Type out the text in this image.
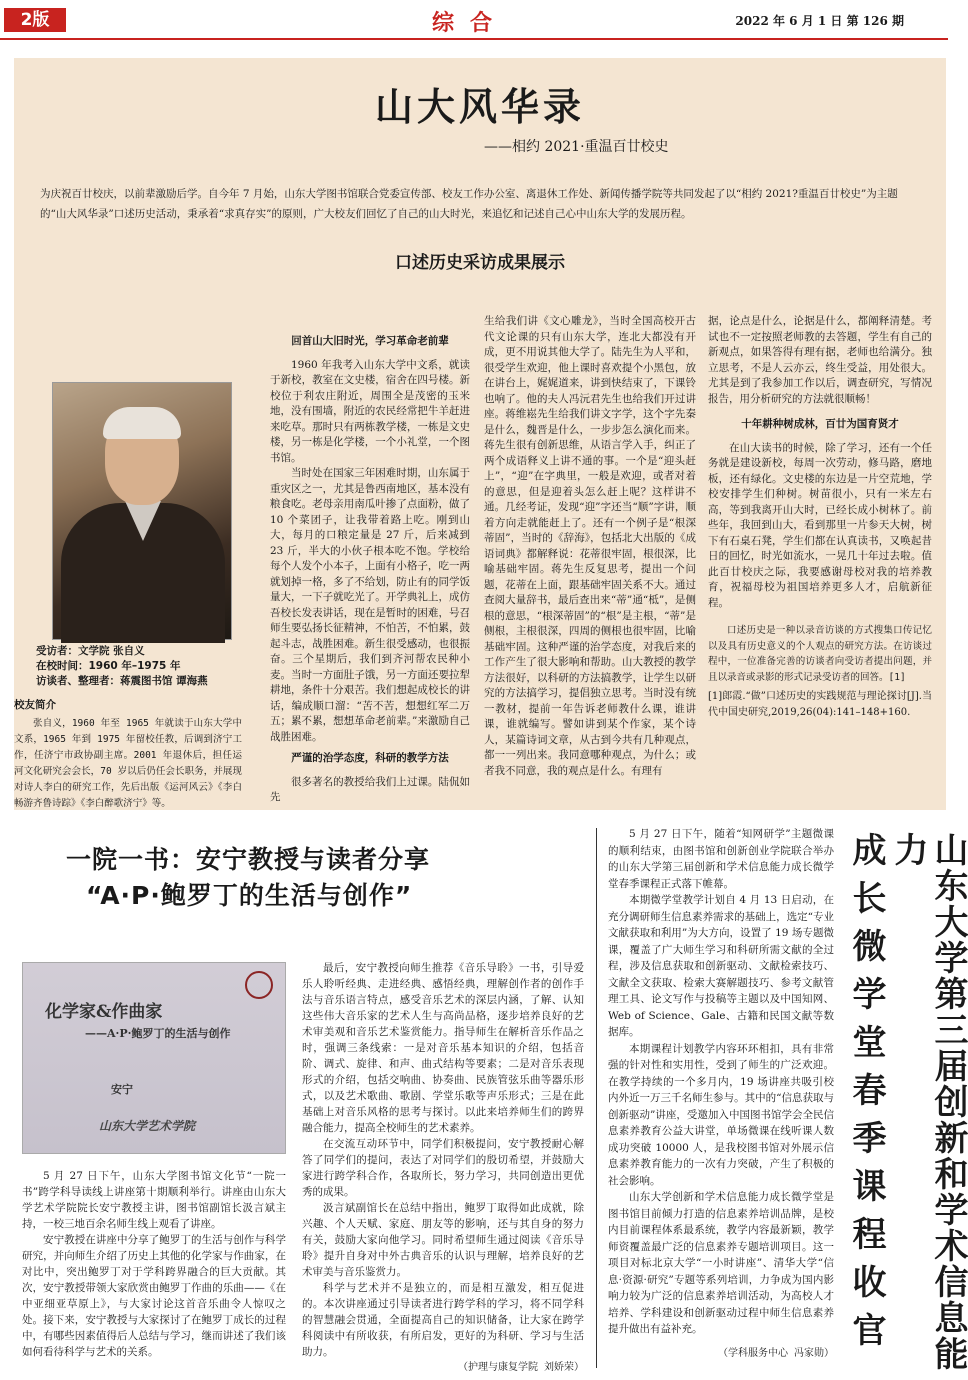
2版	综合	2022 年 6 月 1 日 第 126 期
山大风华录
——相约 2021·重温百廿校史
为庆祝百廿校庆，以前辈激励后学。自今年 7 月始，山东大学图书馆联合党委宣传部、校友工作办公室、离退休工作处、新闻传播学院等共同发起了以“相约 2021?重温百廿校史”为主题的“山大风华录”口述历史活动，秉承着“求真存实”的原则，广大校友们回忆了自己的山大时光，来追忆和记述自己心中山东大学的发展历程。
口述历史采访成果展示
受访者：文学院 张自义
在校时间：1960 年–1975 年
访谈者、整理者：蒋震图书馆 谭海燕
校友简介
张自义，1960 年至 1965 年就读于山东大学中文系，1965 年到 1975 年留校任教，后调到济宁工作，任济宁市政协副主席。2001 年退休后，担任运河文化研究会会长，70 岁以后仍任会长职务，并展现对诗人李白的研究工作，先后出版《运河风云》《李白畅游齐鲁诗踪》《李白醉歌济宁》等。

回首山大旧时光，学习革命老前辈

1960 年我考入山东大学中文系，就读于新校，教室在文史楼，宿舍在四号楼。新校位于利农庄附近，周围全是茂密的玉米地，没有围墙，附近的农民经常把牛羊赶进来吃草。那时只有两栋教学楼，一栋是文史楼，另一栋是化学楼，一个小礼堂，一个图书馆。

当时处在国家三年困难时期，山东属于重灾区之一，尤其是鲁西南地区，基本没有粮食吃。老母亲用南瓜叶掺了点面粉，做了 10 个菜团子，让我带着路上吃。刚到山大，每月的口粮定量是 27 斤，后来减到 23 斤，半大的小伙子根本吃不饱。学校给每个人发个小本子，上面有小格子，吃一两就划掉一格，多了不给划，防止有的同学饭量大，一下子就吃光了。开学典礼上，成仿吾校长发表讲话，现在是暂时的困难，号召师生要弘扬长征精神，不怕苦，不怕累，鼓起斗志，战胜困难。新生很受感动，也很振奋。三个星期后，我们到齐河帮农民种小麦。当时一方面肚子饿，另一方面还要拉犁耕地，条件十分艰苦。我们想起成校长的讲话，编成顺口溜：“苦不苦，想想红军二万五；累不累，想想革命老前辈。”来激励自己战胜困难。

严谨的治学态度，科研的教学方法

很多著名的教授给我们上过课。陆侃如先

生给我们讲《文心雕龙》，当时全国高校开古代文论课的只有山东大学，连北大都没有开成，更不用说其他大学了。陆先生为人平和，很受学生欢迎，他上课时喜欢提个小黑包，放在讲台上，娓娓道来，讲到快结束了，下课铃也响了。他的夫人冯沅君先生也给我们开过讲座。蒋维崧先生给我们讲文字学，这个字先秦是什么，魏晋是什么，一步步怎么演化而来。蒋先生很有创新思维，从语言学入手，纠正了两个成语释义上讲不通的事。一个是“迎头赶上”，“迎”在字典里，一般是欢迎，或者对着的意思，但是迎着头怎么赶上呢？这样讲不通。几经考证，发现“迎”字还当“顺”字讲，顺着方向走就能赶上了。还有一个例子是“根深蒂固”，当时的《辞海》，包括北大出版的《成语词典》都解释说：花蒂很牢固，根很深，比喻基础牢固。蒋先生反复思考，提出一个问题，花蒂在上面，跟基础牢固关系不大。通过查阅大量辞书，最后查出来“蒂”通“柢”，是侧根的意思，“根深蒂固”的“根”是主根，“蒂”是侧根，主根很深，四周的侧根也很牢固，比喻基础牢固。这种严谨的治学态度，对我后来的工作产生了很大影响和帮助。山大教授的教学方法很好，以科研的方法搞教学，让学生以研究的方法搞学习，提倡独立思考。当时没有统一教材，提前一年告诉老师教什么课，谁讲课，谁就编写。譬如讲到某个作家，某个诗人，某篇诗词文章，从古到今共有几种观点，都一一列出来。我同意哪种观点，为什么；或者我不同意，我的观点是什么。有理有

据，论点是什么，论据是什么，都阐释清楚。考试也不一定按照老师教的去答题，学生有自己的新观点，如果答得有理有据，老师也给满分。独立思考，不是人云亦云，终生受益，用处很大。尤其是到了我参加工作以后，调查研究，写情况报告，用分析研究的方法就很顺畅！

十年耕种树成林，百廿为国育贤才

在山大读书的时候，除了学习，还有一个任务就是建设新校，每周一次劳动，修马路，磨地板，还有绿化。文史楼的东边是一片空荒地，学校安排学生们种树。树苗很小，只有一米左右高，等到我离开山大时，已经长成小树林了。前些年，我回到山大，看到那里一片参天大树，树下有石桌石凳，学生们都在认真读书，又唤起昔日的回忆，时光如流水，一晃几十年过去啦。值此百廿校庆之际，我要感谢母校对我的培养教育，祝福母校为祖国培养更多人才，启航新征程。

口述历史是一种以录音访谈的方式搜集口传记忆以及具有历史意义的个人观点的研究方法。在访谈过程中，一位准备完善的访谈者向受访者提出问题，并且以录音或录影的形式记录受访者的回答。[1]

[1]郎霞.“做”口述历史的实践规范与理论探讨[J].当代中国史研究,2019,26(04):141–148+160.

一院一书：安宁教授与读者分享
“A·P·鲍罗丁的生活与创作”
化学家&作曲家
——A·P·鲍罗丁的生活与创作
安宁
山东大学艺术学院

5 月 27 日下午，山东大学图书馆文化节“一院一书”跨学科导读线上讲座第十期顺利举行。讲座由山东大学艺术学院院长安宁教授主讲，图书馆副馆长汲言斌主持，一校三地百余名师生线上观看了讲座。

安宁教授在讲座中分享了鲍罗丁的生活与创作与科学研究，并向师生介绍了历史上其他的化学家与作曲家，在对比中，突出鲍罗丁对于学科跨界融合的巨大贡献。其次，安宁教授带领大家欣赏由鲍罗丁作曲的乐曲——《在中亚细亚草原上》，与大家讨论这首音乐曲令人惊叹之处。接下来，安宁教授与大家探讨了在鲍罗丁成长的过程中，有哪些因素值得后人总结与学习，继而讲述了我们该如何看待科学与艺术的关系。

最后，安宁教授向师生推荐《音乐导聆》一书，引导爱乐人聆听经典、走进经典、感悟经典，理解创作者的创作手法与音乐语言特点，感受音乐艺术的深层内涵，了解、认知这些伟大音乐家的艺术人生与高尚品格，逐步培养良好的艺术审美观和音乐艺术鉴赏能力。指导师生在解析音乐作品之时，强调三条线索：一是对音乐基本知识的介绍，包括音阶、调式、旋律、和声、曲式结构等要素；二是对音乐表现形式的介绍，包括交响曲、协奏曲、民族管弦乐曲等器乐形式，以及艺术歌曲、歌剧、学堂乐歌等声乐形式；三是在此基础上对音乐风格的思考与探讨。以此来培养师生们的跨界融合能力，提高全校师生的艺术素养。

在交流互动环节中，同学们积极提问，安宁教授耐心解答了同学们的提问，表达了对同学们的殷切希望，并鼓励大家进行跨学科合作，各取所长，努力学习，共同创造出更优秀的成果。

汲言斌副馆长在总结中指出，鲍罗丁取得如此成就，除兴趣、个人天赋、家庭、朋友等的影响，还与其自身的努力有关，鼓励大家向他学习。同时希望师生通过阅读《音乐导聆》提升自身对中外古典音乐的认识与理解，培养良好的艺术审美与音乐鉴赏力。

科学与艺术并不是独立的，而是相互激发，相互促进的。本次讲座通过引导读者进行跨学科的学习，将不同学科的智慧融会贯通，全面提高自己的知识储备，让大家在跨学科阅读中有所收获，有所启发，更好的为科研、学习与生活助力。

（护理与康复学院 刘娇荣）

5 月 27 日下午，随着“知网研学”主题微课的顺利结束，由图书馆和创新创业学院联合举办的山东大学第三届创新和学术信息能力成长微学堂春季课程正式落下帷幕。

本期微学堂教学计划自 4 月 13 日启动，在充分调研师生信息素养需求的基础上，选定“专业文献获取和利用”为大方向，设置了 19 场专题微课，覆盖了广大师生学习和科研所需文献的全过程，涉及信息获取和创新驱动、文献检索技巧、文献全文获取、检索大赛解题技巧、参考文献管理工具、论文写作与投稿等主题以及中国知网、Web of Science、Gale、古籍和民国文献等数据库。

本期课程计划教学内容环环相扣，具有非常强的针对性和实用性，受到了师生的广泛欢迎。在教学持续的一个多月内，19 场讲座共吸引校内外近一万三千名师生参与。其中的“信息获取与创新驱动”讲座，受邀加入中国图书馆学会全民信息素养教育公益大讲堂，单场微课在线听课人数成功突破 10000 人，是我校图书馆对外展示信息素养教育能力的一次有力突破，产生了积极的社会影响。

山东大学创新和学术信息能力成长微学堂是图书馆目前倾力打造的信息素养培训品牌，是校内目前课程体系最系统，教学内容最新颖，教学师资覆盖最广泛的信息素养专题培训项目。这一项目对标北京大学“一小时讲座”、清华大学“信息·资源·研究”专题等系列培训，力争成为国内影响力较为广泛的信息素养培训活动，为高校人才培养、学科建设和创新驱动过程中师生信息素养提升做出有益补充。

（学科服务中心 冯家勋）	山东大学第三届创新和学术信息能力
成长微学堂春季课程收官
